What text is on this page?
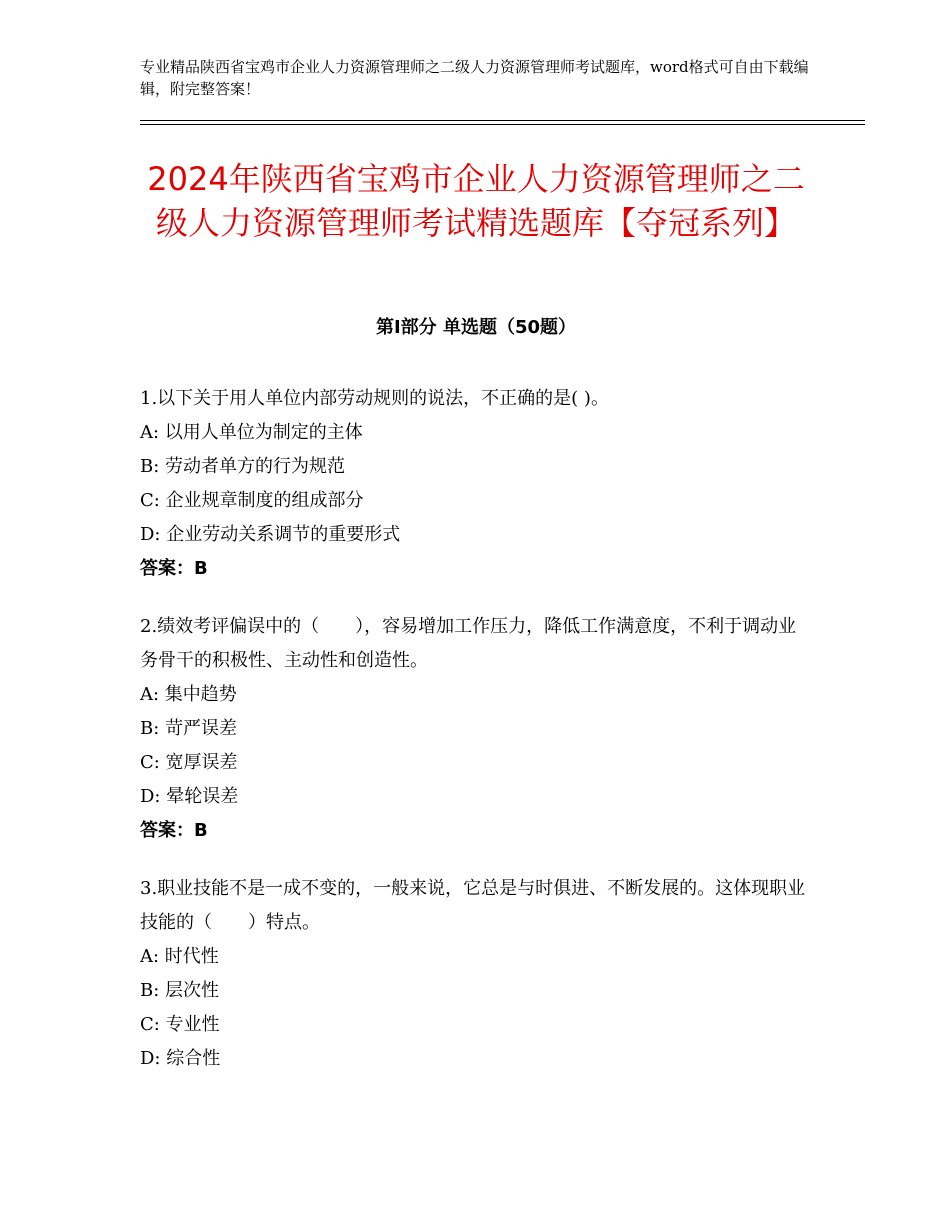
专业精品陕西省宝鸡市企业人力资源管理师之二级人力资源管理师考试题库，word格式可自由下载编辑，附完整答案！
2024年陕西省宝鸡市企业人力资源管理师之二级人力资源管理师考试精选题库【夺冠系列】
第Ⅰ部分 单选题（50题）
1.以下关于用人单位内部劳动规则的说法，不正确的是( )。
A: 以用人单位为制定的主体
B: 劳动者单方的行为规范
C: 企业规章制度的组成部分
D: 企业劳动关系调节的重要形式
答案：B
2.绩效考评偏误中的（　　），容易增加工作压力，降低工作满意度，不利于调动业务骨干的积极性、主动性和创造性。
A: 集中趋势
B: 苛严误差
C: 宽厚误差
D: 晕轮误差
答案：B
3.职业技能不是一成不变的，一般来说，它总是与时俱进、不断发展的。这体现职业技能的（　　）特点。
A: 时代性
B: 层次性
C: 专业性
D: 综合性
